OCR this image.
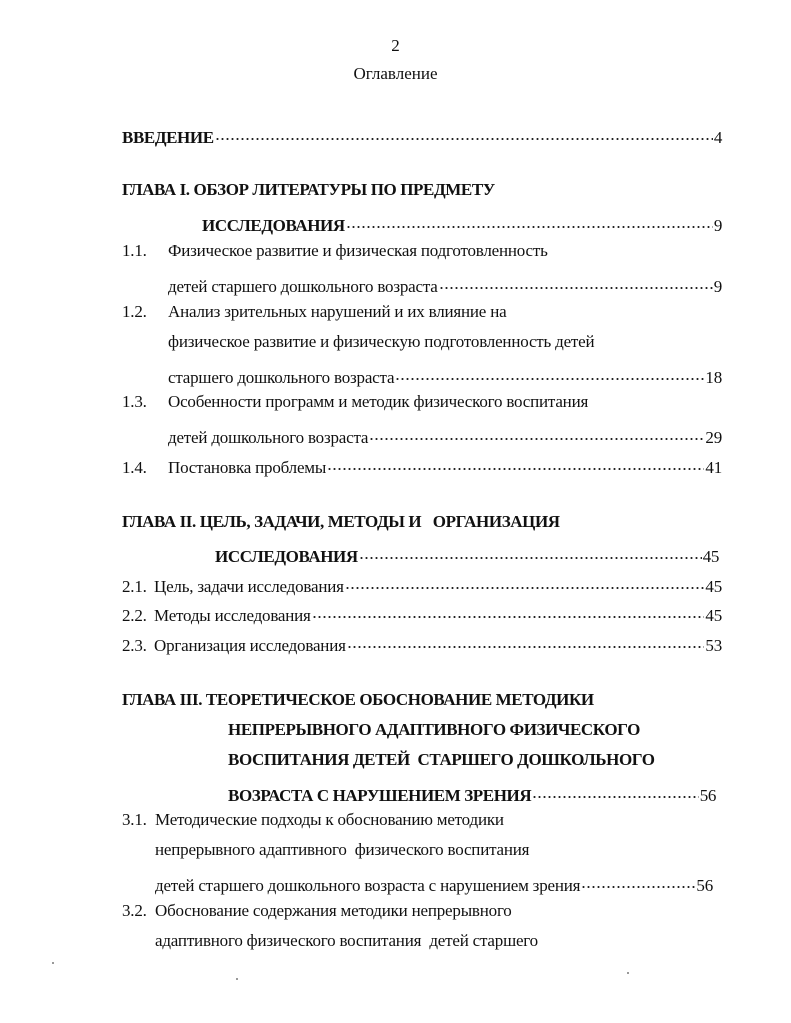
2
Оглавление
ВВЕДЕНИЕ	4
ГЛАВА I. ОБЗОР ЛИТЕРАТУРЫ ПО ПРЕДМЕТУ
ИССЛЕДОВАНИЯ	9
1.1.	Физическое развитие и физическая подготовленность
детей старшего дошкольного возраста	9
1.2.	Анализ зрительных нарушений и их влияние на
физическое развитие и физическую подготовленность детей
старшего дошкольного возраста	18
1.3.	Особенности программ и методик физического воспитания
детей дошкольного возраста	29
1.4.	Постановка проблемы	41
ГЛАВА II. ЦЕЛЬ, ЗАДАЧИ, МЕТОДЫ И   ОРГАНИЗАЦИЯ
ИССЛЕДОВАНИЯ	45
2.1. Цель, задачи исследования	45
2.2. Методы исследования	45
2.3. Организация исследования	53
ГЛАВА III. ТЕОРЕТИЧЕСКОЕ ОБОСНОВАНИЕ МЕТОДИКИ
НЕПРЕРЫВНОГО АДАПТИВНОГО ФИЗИЧЕСКОГО
ВОСПИТАНИЯ ДЕТЕЙ  СТАРШЕГО ДОШКОЛЬНОГО
ВОЗРАСТА С НАРУШЕНИЕМ ЗРЕНИЯ	56
3.1. Методические подходы к обоснованию методики
непрерывного адаптивного  физического воспитания
детей старшего дошкольного возраста с нарушением зрения	56
3.2. Обоснование содержания методики непрерывного
адаптивного физического воспитания  детей старшего
